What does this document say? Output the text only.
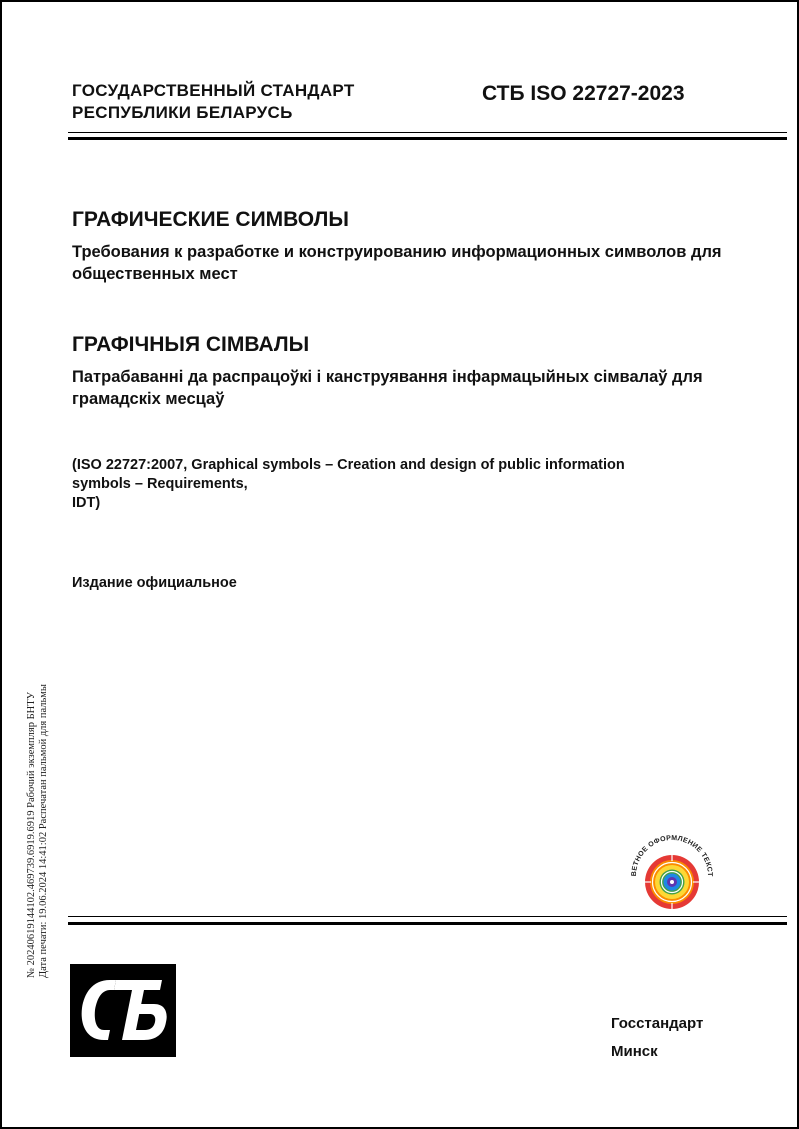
ГОСУДАРСТВЕННЫЙ СТАНДАРТ
РЕСПУБЛИКИ БЕЛАРУСЬ
СТБ ISO 22727-2023
ГРАФИЧЕСКИЕ СИМВОЛЫ
Требования к разработке и конструированию информационных символов для общественных мест
ГРАФІЧНЫЯ СІМВАЛЫ
Патрабаванні да распрацоўкі і канструявання інфармацыйных сімвалаў для грамадскіх месцаў
(ISO 22727:2007, Graphical symbols – Creation and design of public information
symbols – Requirements,
IDT)
Издание официальное
№ 20240619144102.469739.6919.6919 Рабочий экземпляр БНТУ Дата печати: 19.06.2024 14:41:02 Распечатан пальмой для пальмы	ВЕТНОЕ ОФОРМЛЕНИЕ ТЕКСТ
Госстандарт
Минск
